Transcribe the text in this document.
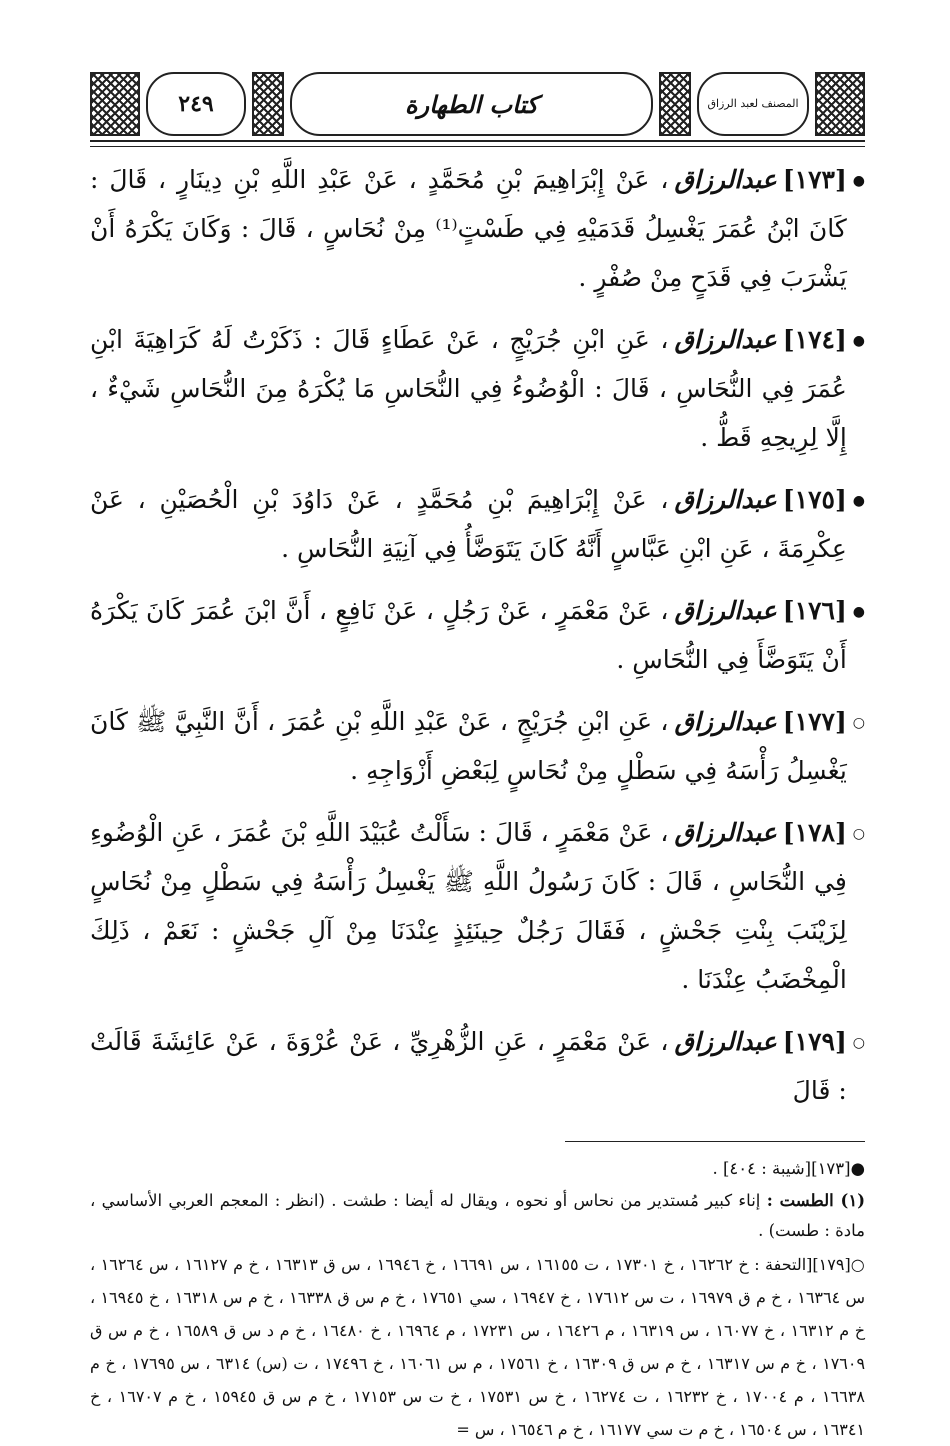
المصنف لعبد الرزاق
كتاب الطهارة
٢٤٩
●
[١٧٣]عبدالرزاق، عَنْ إِبْرَاهِيمَ بْنِ مُحَمَّدٍ ، عَنْ عَبْدِ اللَّهِ بْنِ دِينَارٍ ، قَالَ : كَانَ ابْنُ عُمَرَ يَغْسِلُ قَدَمَيْهِ فِي طَسْتٍ⁽¹⁾ مِنْ نُحَاسٍ ، قَالَ : وَكَانَ يَكْرَهُ أَنْ يَشْرَبَ فِي قَدَحٍ مِنْ صُفْرٍ .
●
[١٧٤]عبدالرزاق، عَنِ ابْنِ جُرَيْجٍ ، عَنْ عَطَاءٍ قَالَ : ذَكَرْتُ لَهُ كَرَاهِيَةَ ابْنِ عُمَرَ فِي النُّحَاسِ ، قَالَ : الْوُضُوءُ فِي النُّحَاسِ مَا يُكْرَهُ مِنَ النُّحَاسِ شَيْءٌ ، إِلَّا لِرِيحِهِ قَطُّ .
●
[١٧٥]عبدالرزاق، عَنْ إِبْرَاهِيمَ بْنِ مُحَمَّدٍ ، عَنْ دَاوُدَ بْنِ الْحُصَيْنِ ، عَنْ عِكْرِمَةَ ، عَنِ ابْنِ عَبَّاسٍ أَنَّهُ كَانَ يَتَوَضَّأُ فِي آنِيَةِ النُّحَاسِ .
●
[١٧٦]عبدالرزاق، عَنْ مَعْمَرٍ ، عَنْ رَجُلٍ ، عَنْ نَافِعٍ ، أَنَّ ابْنَ عُمَرَ كَانَ يَكْرَهُ أَنْ يَتَوَضَّأَ فِي النُّحَاسِ .
○
[١٧٧]عبدالرزاق، عَنِ ابْنِ جُرَيْجٍ ، عَنْ عَبْدِ اللَّهِ بْنِ عُمَرَ ، أَنَّ النَّبِيَّ ﷺ كَانَ يَغْسِلُ رَأْسَهُ فِي سَطْلٍ مِنْ نُحَاسٍ لِبَعْضِ أَزْوَاجِهِ .
○
[١٧٨]عبدالرزاق، عَنْ مَعْمَرٍ ، قَالَ : سَأَلْتُ عُبَيْدَ اللَّهِ بْنَ عُمَرَ ، عَنِ الْوُضُوءِ فِي النُّحَاسِ ، قَالَ : كَانَ رَسُولُ اللَّهِ ﷺ يَغْسِلُ رَأْسَهُ فِي سَطْلٍ مِنْ نُحَاسٍ لِزَيْنَبَ بِنْتِ جَحْشٍ ، فَقَالَ رَجُلٌ حِينَئِذٍ عِنْدَنَا مِنْ آلِ جَحْشٍ : نَعَمْ ، ذَلِكَ الْمِخْضَبُ عِنْدَنَا .
○
[١٧٩]عبدالرزاق، عَنْ مَعْمَرٍ ، عَنِ الزُّهْرِيِّ ، عَنْ عُرْوَةَ ، عَنْ عَائِشَةَ قَالَتْ : قَالَ
●[١٧٣][شيبة : ٤٠٤] .
(١) الطست : إناء كبير مُستدير من نحاس أو نحوه ، ويقال له أيضا : طشت . (انظر : المعجم العربي الأساسي ، مادة : طست) .
○[١٧٩][التحفة : خ ١٦٢٦٢ ، خ ١٧٣٠١ ، ت ١٦١٥٥ ، س ١٦٦٩١ ، خ ١٦٩٤٦ ، س ق ١٦٣١٣ ، خ م ١٦١٢٧ ، س ١٦٢٦٤ ، س ١٦٣٦٤ ، خ م ق ١٦٩٧٩ ، ت س ١٧٦١٢ ، خ ١٦٩٤٧ ، سي ١٧٦٥١ ، خ م س ق ١٦٣٣٨ ، خ م س ١٦٣١٨ ، خ ١٦٩٤٥ ، خ م ١٦٣١٢ ، خ ١٦٠٧٧ ، س ١٦٣١٩ ، م ١٦٤٢٦ ، س ١٧٢٣١ ، م ١٦٩٦٤ ، خ ١٦٤٨٠ ، خ م د س ق ١٦٥٨٩ ، خ م س ق ١٧٦٠٩ ، خ م س ١٦٣١٧ ، خ م س ق ١٦٣٠٩ ، خ ١٧٥٦١ ، م س ١٦٠٦١ ، خ ١٧٤٩٦ ، ت (س) ٦٣١٤ ، س ١٧٦٩٥ ، خ م ١٦٦٣٨ ، م ١٧٠٠٤ ، خ ١٦٢٣٢ ، ت ١٦٢٧٤ ، خ س ١٧٥٣١ ، خ ت س ١٧١٥٣ ، خ م س ق ١٥٩٤٥ ، خ م ١٦٧٠٧ ، خ ١٦٣٤١ ، س ١٦٥٠٤ ، خ م ت سي ١٦١٧٧ ، خ م ١٦٥٤٦ ، س =
